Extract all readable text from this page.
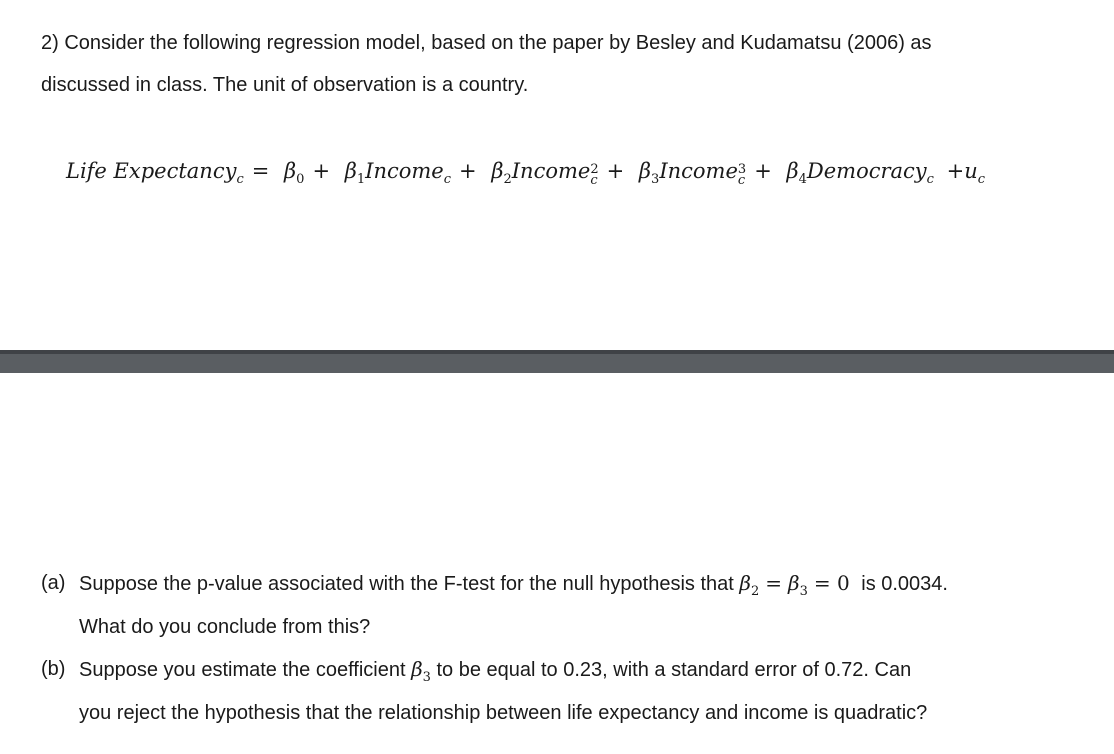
2) Consider the following regression model, based on the paper by Besley and Kudamatsu (2006) as
discussed in class. The unit of observation is a country.
Life Expectancy$_c$ = $\beta_0$ + $\beta_1Income_c$ + $\beta_2Income$ 2
$c + \beta_3Income$ 3
$c + \beta_4Democracy_c +u_c$
(a) Suppose the p-value associated with the F-test for the null hypothesis that $\beta_2 = \beta_3 = 0$ is 0.0034.
What do you conclude from this?
(b) Suppose you estimate the coefficient $\beta_3$ to be equal to 0.23, with a standard error of 0.72. Can
you reject the hypothesis that the relationship between life expectancy and income is quadratic?
